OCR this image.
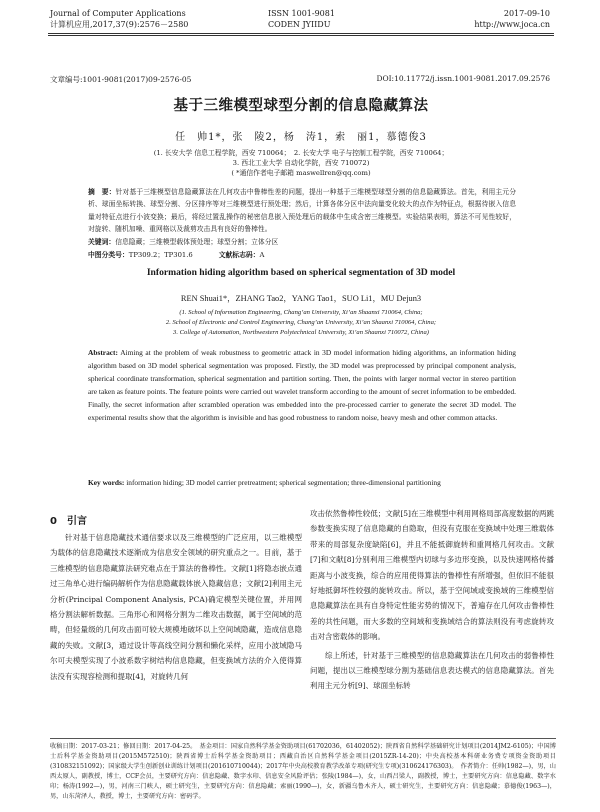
Journal of Computer Applications
计算机应用,2017,37(9):2576－2580
ISSN 1001-9081
CODEN JYIIDU
2017-09-10
http://www.joca.cn
文章编号:1001-9081(2017)09-2576-05	DOI:10.11772/j.issn.1001-9081.2017.09.2576
基于三维模型球型分割的信息隐藏算法
任　帅1*，张　陵2，杨　涛1，索　丽1，慕德俊3
(1. 长安大学 信息工程学院，西安 710064；　2. 长安大学 电子与控制工程学院，西安 710064；
3. 西北工业大学 自动化学院，西安 710072)
( *通信作者电子邮箱 maswellren@qq.com)
摘　要：针对基于三维模型信息隐藏算法在几何攻击中鲁棒性差的问题，提出一种基于三维模型球型分割的信息隐藏算法。首先，利用主元分析、球面坐标转换、球型分割、分区排序等对三维模型进行预处理；然后，计算各体分区中法向量变化较大的点作为特征点，根据待嵌入信息量对特征点进行小波变换；最后，将经过置乱操作的秘密信息嵌入预处理后的载体中生成含密三维模型。实验结果表明，算法不可见性较好，对旋转、随机加噪、重网格以及裁剪攻击具有良好的鲁棒性。
关键词：信息隐藏；三维模型载体预处理；球型分割；立体分区
中图分类号：TP309.2；TP301.6	文献标志码：A
Information hiding algorithm based on spherical segmentation of 3D model
REN Shuai1*，ZHANG Tao2，YANG Tao1，SUO Li1，MU Dejun3
(1. School of Information Engineering, Chang’an University, Xi’an Shaanxi 710064, China;
2. School of Electronic and Control Engineering, Chang’an University, Xi’an Shaanxi 710064, China;
3. College of Automation, Northwestern Polytechnical University, Xi’an Shaanxi 710072, China)
Abstract: Aiming at the problem of weak robustness to geometric attack in 3D model information hiding algorithms, an information hiding algorithm based on 3D model spherical segmentation was proposed. Firstly, the 3D model was preprocessed by principal component analysis, spherical coordinate transformation, spherical segmentation and partition sorting. Then, the points with larger normal vector in stereo partition are taken as feature points. The feature points were carried out wavelet transform according to the amount of secret information to be embedded. Finally, the secret information after scrambled operation was embedded into the pre-processed carrier to generate the secret 3D model. The experimental results show that the algorithm is invisible and has good robustness to random noise, heavy mesh and other common attacks.
Key words: information hiding; 3D model carrier pretreatment; spherical segmentation; three-dimensional partitioning
0　引言

针对基于信息隐藏技术通信要求以及三维模型的广泛应用，以三维模型为载体的信息隐藏技术逐渐成为信息安全领域的研究重点之一。目前，基于三维模型的信息隐藏算法研究难点在于算法的鲁棒性。文献[1]将隐态嵌点通过三角单心进行编码解析作为信息隐藏载体嵌入隐藏信息；文献[2]利用主元分析(Principal Component Analysis, PCA)确定模型关键位置，并用网格分割法解析数据。三角形心和网格分割为二维攻击数据，属于空间域的范畴，但轻量级的几何攻击面可较大规模地破坏以上空间域隐藏，造成信息隐藏的失败。文献[3，通过设计等高线空间分割和懒化采样，应用小波域隐马尔可夫模型实现了小波系数字树结构信息隐藏，但变换域方法的介入使得算法没有实现容检测和提取[4]，对旋转几何

攻击依然鲁棒性较低；文献[5]在三维模型中利用网格局部高度数据的两跳参数变换实现了信息隐藏的自隐取，但没有克服在变换域中处理三维载体带来的局部复杂度缺陷[6]，并且不能抵御旋转和重网格几何攻击。文献[7]和文献[8]分别利用三维模型内切球与多边形变换，以及快速网格传播距离与小波变换，综合的应用使得算法的鲁棒性有所增强，但依旧不能很好地抵御坏性较强的旋转攻击。所以，基于空间域或变换域的三维模型信息隐藏算法在具有自身特定性能劣势的情况下，普遍存在几何攻击鲁棒性差的共性问题，而大多数的空间域和变换域结合的算法则没有考虑旋转攻击对含密载体的影响。

综上所述，针对基于三维模型的信息隐藏算法在几何攻击的弱鲁棒性问题，提出以三维模型球分割为基础信息表达模式的信息隐藏算法。首先利用主元分析[9]、球面坐标转

收稿日期：2017-03-21；修回日期：2017-04-25。　基金项目：国家自然科学基金资助项目(61702036，61402052)；陕西省自然科学基础研究计划项目(2014JM2-6105)；中国博士后科学基金资助项目(2015M572510)；陕西省博士后科学基金资助项目；西藏自治区自然科学基金项目(2015ZR-14-20)；中央高校基本科研业务费专项资金资助项目(310832151092)；国家级大学生创新创业训练计划项目(201610710044)；2017年中央高校教育教学改革专项(研究生专项)(310624176303)。　作者简介：任帅(1982—)，男，山西太原人，副教授，博士，CCF会员，主要研究方向：信息隐藏、数字水印、信息安全风险评估；张陵(1984—)，女，山西吕梁人，副教授，博士，主要研究方向：信息隐藏、数字水印；杨涛(1992—)，男，河南三门峡人，硕士研究生，主要研究方向：信息隐藏；索丽(1990—)，女，新疆乌鲁木齐人，硕士研究生，主要研究方向：信息隐藏；慕德俊(1963—)，男，山东菏泽人，教授，博士，主要研究方向：密码学。
